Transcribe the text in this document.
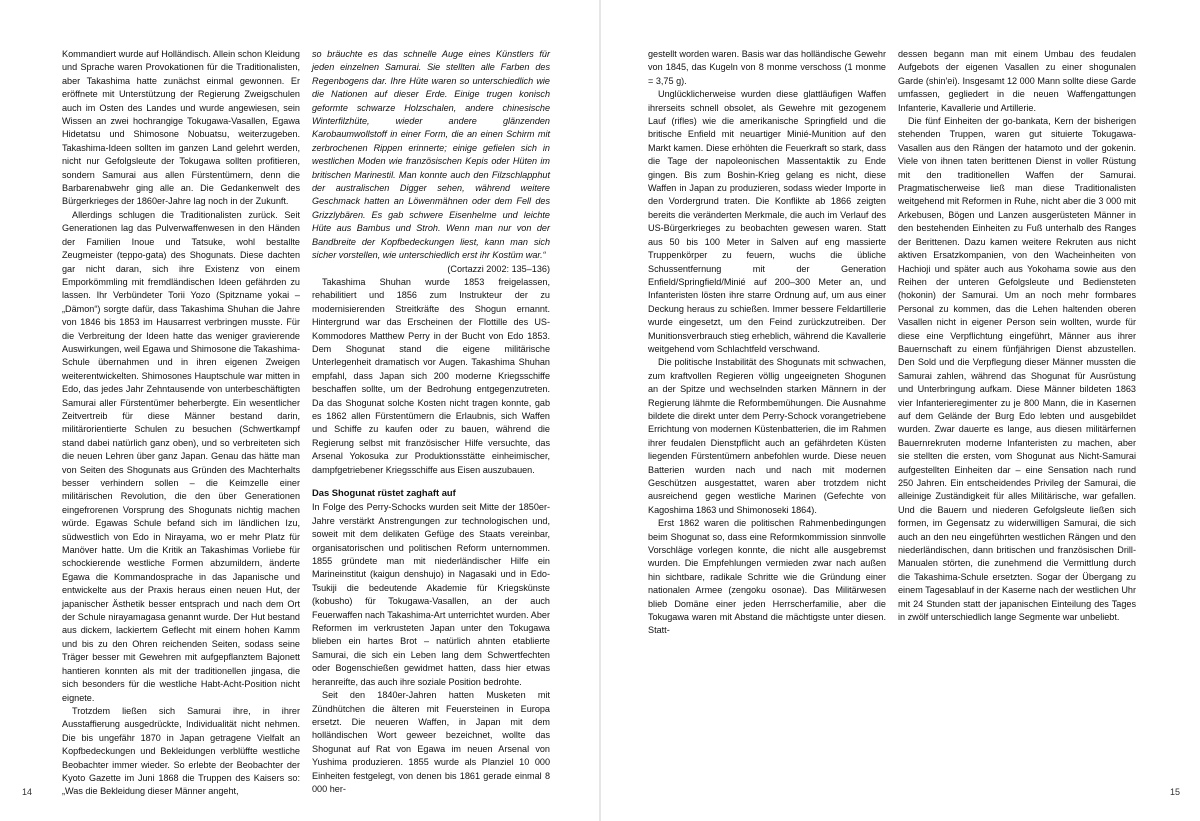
Kommandiert wurde auf Holländisch. Allein schon Kleidung und Sprache waren Provokationen für die Traditionalisten, aber Takashima hatte zunächst einmal gewonnen. Er eröffnete mit Unterstützung der Regierung Zweigschulen auch im Osten des Landes und wurde angewiesen, sein Wissen an zwei hochrangige Tokugawa-Vasallen, Egawa Hidetatsu und Shimosone Nobuatsu, weiterzugeben. Takashima-Ideen sollten im ganzen Land gelehrt werden, nicht nur Gefolgsleute der Tokugawa sollten profitieren, sondern Samurai aus allen Fürstentümern, denn die Barbarenabwehr ging alle an. Die Gedankenwelt des Bürgerkrieges der 1860er-Jahre lag noch in der Zukunft.

Allerdings schlugen die Traditionalisten zurück. Seit Generationen lag das Pulverwaffenwesen in den Händen der Familien Inoue und Tatsuke, wohl bestallte Zeugmeister (teppo-gata) des Shogunats. Diese dachten gar nicht daran, sich ihre Existenz von einem Emporkömmling mit fremdländischen Ideen gefährden zu lassen. Ihr Verbündeter Torii Yozo (Spitzname yokai – „Dämon“) sorgte dafür, dass Takashima Shuhan die Jahre von 1846 bis 1853 im Hausarrest verbringen musste. Für die Verbreitung der Ideen hatte das weniger gravierende Auswirkungen, weil Egawa und Shimosone die Takashima-Schule übernahmen und in ihren eigenen Zweigen weiterentwickelten. Shimosones Hauptschule war mitten in Edo, das jedes Jahr Zehntausende von unterbeschäftigten Samurai aller Fürstentümer beherbergte. Ein wesentlicher Zeitvertreib für diese Männer bestand darin, militärorientierte Schulen zu besuchen (Schwertkampf stand dabei natürlich ganz oben), und so verbreiteten sich die neuen Lehren über ganz Japan. Genau das hätte man von Seiten des Shogunats aus Gründen des Machterhalts besser verhindern sollen – die Keimzelle einer militärischen Revolution, die den über Generationen eingefrorenen Vorsprung des Shogunats nichtig machen würde. Egawas Schule befand sich im ländlichen Izu, südwestlich von Edo in Nirayama, wo er mehr Platz für Manöver hatte. Um die Kritik an Takashimas Vorliebe für schockierende westliche Formen abzumildern, änderte Egawa die Kommandosprache in das Japanische und entwickelte aus der Praxis heraus einen neuen Hut, der japanischer Ästhetik besser entsprach und nach dem Ort der Schule nirayamagasa genannt wurde. Der Hut bestand aus dickem, lackiertem Geflecht mit einem hohen Kamm und bis zu den Ohren reichenden Seiten, sodass seine Träger besser mit Gewehren mit aufgepflanztem Bajonett hantieren konnten als mit der traditionellen jingasa, die sich besonders für die westliche Habt-Acht-Position nicht eignete.

Trotzdem ließen sich Samurai ihre, in ihrer Ausstaffierung ausgedrückte, Individualität nicht nehmen. Die bis ungefähr 1870 in Japan getragene Vielfalt an Kopfbedeckungen und Bekleidungen verblüffte westliche Beobachter immer wieder. So erlebte der Beobachter der Kyoto Gazette im Juni 1868 die Truppen des Kaisers so: „Was die Bekleidung dieser Männer angeht,

so bräuchte es das schnelle Auge eines Künstlers für jeden einzelnen Samurai. Sie stellten alle Farben des Regenbogens dar. Ihre Hüte waren so unterschiedlich wie die Nationen auf dieser Erde. Einige trugen konisch geformte schwarze Holzschalen, andere chinesische Winterfilzhüte, wieder andere glänzenden Karobaumwollstoff in einer Form, die an einen Schirm mit zerbrochenen Rippen erinnerte; einige gefielen sich in westlichen Moden wie französischen Kepis oder Hüten im britischen Marinestil. Man konnte auch den Filzschlapphut der australischen Digger sehen, während weitere Geschmack hatten an Löwenmähnen oder dem Fell des Grizzlybären. Es gab schwere Eisenhelme und leichte Hüte aus Bambus und Stroh. Wenn man nur von der Bandbreite der Kopfbedeckungen liest, kann man sich sicher vorstellen, wie unterschiedlich erst ihr Kostüm war.“

(Cortazzi 2002: 135–136)

Takashima Shuhan wurde 1853 freigelassen, rehabilitiert und 1856 zum Instrukteur der zu modernisierenden Streitkräfte des Shogun ernannt. Hintergrund war das Erscheinen der Flottille des US-Kommodores Matthew Perry in der Bucht von Edo 1853. Dem Shogunat stand die eigene militärische Unterlegenheit dramatisch vor Augen. Takashima Shuhan empfahl, dass Japan sich 200 moderne Kriegsschiffe beschaffen sollte, um der Bedrohung entgegenzutreten. Da das Shogunat solche Kosten nicht tragen konnte, gab es 1862 allen Fürstentümern die Erlaubnis, sich Waffen und Schiffe zu kaufen oder zu bauen, während die Regierung selbst mit französischer Hilfe versuchte, das Arsenal Yokosuka zur Produktionsstätte einheimischer, dampfgetriebener Kriegsschiffe aus Eisen auszubauen.

Das Shogunat rüstet zaghaft auf

In Folge des Perry-Schocks wurden seit Mitte der 1850er-Jahre verstärkt Anstrengungen zur technologischen und, soweit mit dem delikaten Gefüge des Staats vereinbar, organisatorischen und politischen Reform unternommen. 1855 gründete man mit niederländischer Hilfe ein Marineinstitut (kaigun denshujo) in Nagasaki und in Edo-Tsukiji die bedeutende Akademie für Kriegskünste (kobusho) für Tokugawa-Vasallen, an der auch Feuerwaffen nach Takashima-Art unterrichtet wurden. Aber Reformen im verkrusteten Japan unter den Tokugawa blieben ein hartes Brot – natürlich ahnten etablierte Samurai, die sich ein Leben lang dem Schwertfechten oder Bogenschießen gewidmet hatten, dass hier etwas heranreifte, das auch ihre soziale Position bedrohte.

Seit den 1840er-Jahren hatten Musketen mit Zündhütchen die älteren mit Feuersteinen in Europa ersetzt. Die neueren Waffen, in Japan mit dem holländischen Wort geweer bezeichnet, wollte das Shogunat auf Rat von Egawa im neuen Arsenal von Yushima produzieren. 1855 wurde als Planziel 10 000 Einheiten festgelegt, von denen bis 1861 gerade einmal 8 000 her-

gestellt worden waren. Basis war das holländische Gewehr von 1845, das Kugeln von 8 monme verschoss (1 monme = 3,75 g).

Unglücklicherweise wurden diese glattläufigen Waffen ihrerseits schnell obsolet, als Gewehre mit gezogenem Lauf (rifles) wie die amerikanische Springfield und die britische Enfield mit neuartiger Minié-Munition auf den Markt kamen. Diese erhöhten die Feuerkraft so stark, dass die Tage der napoleonischen Massentaktik zu Ende gingen. Bis zum Boshin-Krieg gelang es nicht, diese Waffen in Japan zu produzieren, sodass wieder Importe in den Vordergrund traten. Die Konflikte ab 1866 zeigten bereits die veränderten Merkmale, die auch im Verlauf des US-Bürgerkrieges zu beobachten gewesen waren. Statt aus 50 bis 100 Meter in Salven auf eng massierte Truppenkörper zu feuern, wuchs die übliche Schussentfernung mit der Generation Enfield/Springfield/Minié auf 200–300 Meter an, und Infanteristen lösten ihre starre Ordnung auf, um aus einer Deckung heraus zu schießen. Immer bessere Feldartillerie wurde eingesetzt, um den Feind zurückzutreiben. Der Munitionsverbrauch stieg erheblich, während die Kavallerie weitgehend vom Schlachtfeld verschwand.

Die politische Instabilität des Shogunats mit schwachen, zum kraftvollen Regieren völlig ungeeigneten Shogunen an der Spitze und wechselnden starken Männern in der Regierung lähmte die Reformbemühungen. Die Ausnahme bildete die direkt unter dem Perry-Schock vorangetriebene Errichtung von modernen Küstenbatterien, die im Rahmen ihrer feudalen Dienstpflicht auch an gefährdeten Küsten liegenden Fürstentümern anbefohlen wurde. Diese neuen Batterien wurden nach und nach mit modernen Geschützen ausgestattet, waren aber trotzdem nicht ausreichend gegen westliche Marinen (Gefechte von Kagoshima 1863 und Shimonoseki 1864).

Erst 1862 waren die politischen Rahmenbedingungen beim Shogunat so, dass eine Reformkommission sinnvolle Vorschläge vorlegen konnte, die nicht alle ausgebremst wurden. Die Empfehlungen vermieden zwar nach außen hin sichtbare, radikale Schritte wie die Gründung einer nationalen Armee (zengoku osonae). Das Militärwesen blieb Domäne einer jeden Herrscherfamilie, aber die Tokugawa waren mit Abstand die mächtigste unter diesen. Statt-

dessen begann man mit einem Umbau des feudalen Aufgebots der eigenen Vasallen zu einer shogunalen Garde (shin'ei). Insgesamt 12 000 Mann sollte diese Garde umfassen, gegliedert in die neuen Waffengattungen Infanterie, Kavallerie und Artillerie.

Die fünf Einheiten der go-bankata, Kern der bisherigen stehenden Truppen, waren gut situierte Tokugawa-Vasallen aus den Rängen der hatamoto und der gokenin. Viele von ihnen taten berittenen Dienst in voller Rüstung mit den traditionellen Waffen der Samurai. Pragmatischerweise ließ man diese Traditionalisten weitgehend mit Reformen in Ruhe, nicht aber die 3 000 mit Arkebusen, Bögen und Lanzen ausgerüsteten Männer in den bestehenden Einheiten zu Fuß unterhalb des Ranges der Berittenen. Dazu kamen weitere Rekruten aus nicht aktiven Ersatzkompanien, von den Wacheinheiten von Hachioji und später auch aus Yokohama sowie aus den Reihen der unteren Gefolgsleute und Bediensteten (hokonin) der Samurai. Um an noch mehr formbares Personal zu kommen, das die Lehen haltenden oberen Vasallen nicht in eigener Person sein wollten, wurde für diese eine Verpflichtung eingeführt, Männer aus ihrer Bauernschaft zu einem fünfjährigen Dienst abzustellen. Den Sold und die Verpflegung dieser Männer mussten die Samurai zahlen, während das Shogunat für Ausrüstung und Unterbringung aufkam. Diese Männer bildeten 1863 vier Infanterieregimenter zu je 800 Mann, die in Kasernen auf dem Gelände der Burg Edo lebten und ausgebildet wurden. Zwar dauerte es lange, aus diesen militärfernen Bauernrekruten moderne Infanteristen zu machen, aber sie stellten die ersten, vom Shogunat aus Nicht-Samurai aufgestellten Einheiten dar – eine Sensation nach rund 250 Jahren. Ein entscheidendes Privileg der Samurai, die alleinige Zuständigkeit für alles Militärische, war gefallen. Und die Bauern und niederen Gefolgsleute ließen sich formen, im Gegensatz zu widerwilligen Samurai, die sich auch an den neu eingeführten westlichen Rängen und den niederländischen, dann britischen und französischen Drill-Manualen störten, die zunehmend die Vermittlung durch die Takashima-Schule ersetzten. Sogar der Übergang zu einem Tagesablauf in der Kaserne nach der westlichen Uhr mit 24 Stunden statt der japanischen Einteilung des Tages in zwölf unterschiedlich lange Segmente war unbeliebt.

14	15
